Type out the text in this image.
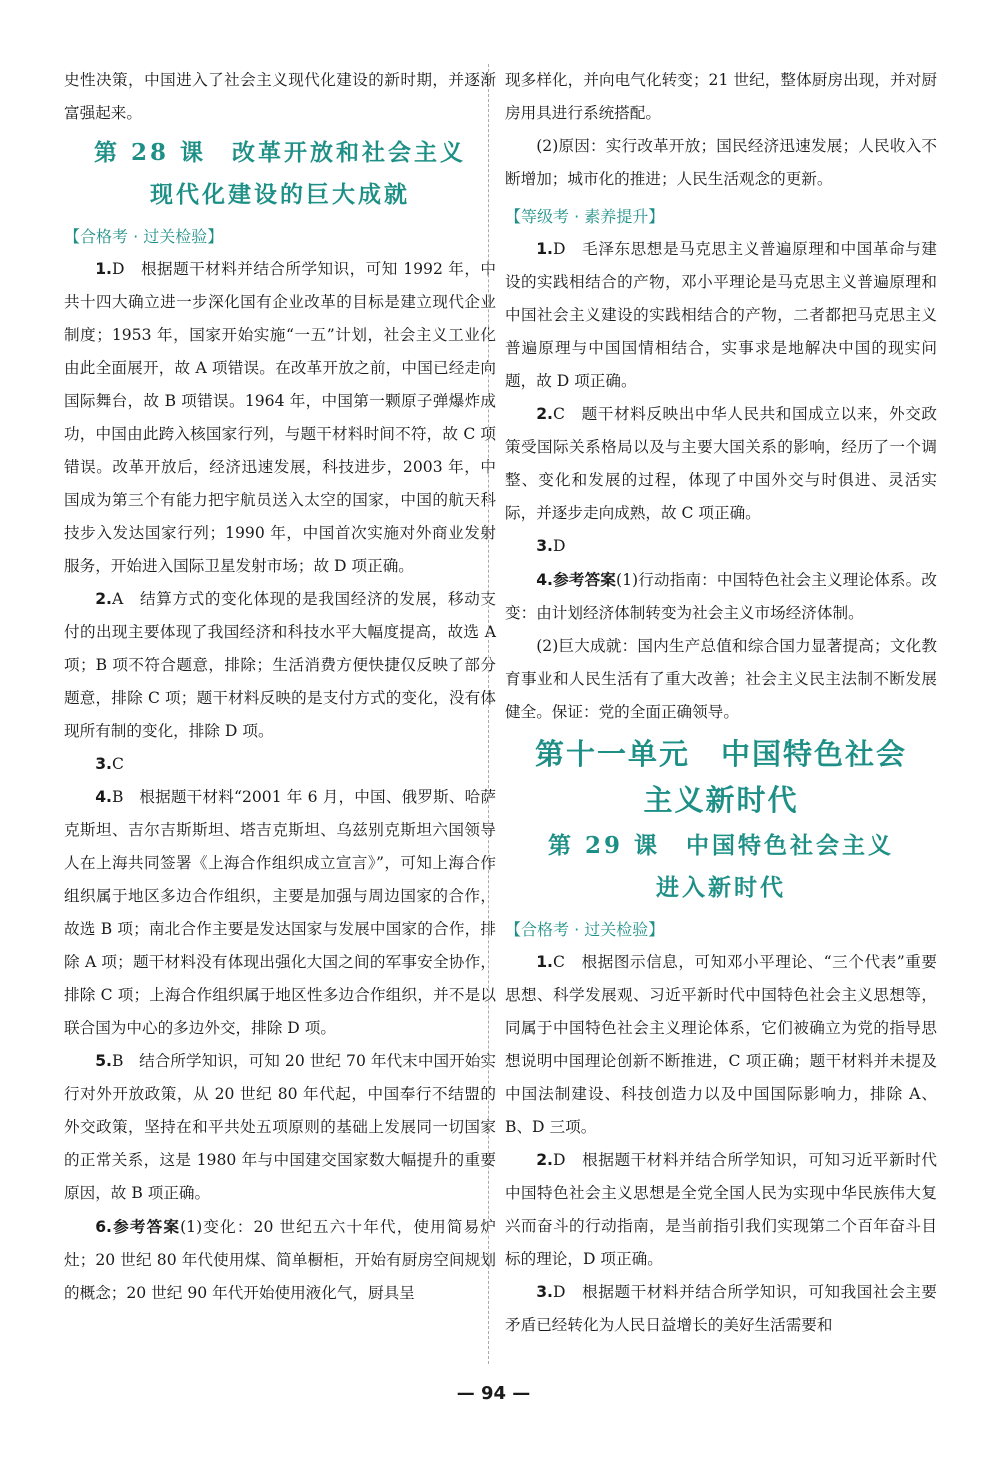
史性决策，中国进入了社会主义现代化建设的新时期，并逐渐富强起来。

第 28 课　改革开放和社会主义
现代化建设的巨大成就
【合格考 · 过关检验】

1.D　根据题干材料并结合所学知识，可知 1992 年，中共十四大确立进一步深化国有企业改革的目标是建立现代企业制度；1953 年，国家开始实施“一五”计划，社会主义工业化由此全面展开，故 A 项错误。在改革开放之前，中国已经走向国际舞台，故 B 项错误。1964 年，中国第一颗原子弹爆炸成功，中国由此跨入核国家行列，与题干材料时间不符，故 C 项错误。改革开放后，经济迅速发展，科技进步，2003 年，中国成为第三个有能力把宇航员送入太空的国家，中国的航天科技步入发达国家行列；1990 年，中国首次实施对外商业发射服务，开始进入国际卫星发射市场；故 D 项正确。

2.A　结算方式的变化体现的是我国经济的发展，移动支付的出现主要体现了我国经济和科技水平大幅度提高，故选 A 项；B 项不符合题意，排除；生活消费方便快捷仅反映了部分题意，排除 C 项；题干材料反映的是支付方式的变化，没有体现所有制的变化，排除 D 项。

3.C

4.B　根据题干材料“2001 年 6 月，中国、俄罗斯、哈萨克斯坦、吉尔吉斯斯坦、塔吉克斯坦、乌兹别克斯坦六国领导人在上海共同签署《上海合作组织成立宣言》”，可知上海合作组织属于地区多边合作组织，主要是加强与周边国家的合作，故选 B 项；南北合作主要是发达国家与发展中国家的合作，排除 A 项；题干材料没有体现出强化大国之间的军事安全协作，排除 C 项；上海合作组织属于地区性多边合作组织，并不是以联合国为中心的多边外交，排除 D 项。

5.B　结合所学知识，可知 20 世纪 70 年代末中国开始实行对外开放政策，从 20 世纪 80 年代起，中国奉行不结盟的外交政策，坚持在和平共处五项原则的基础上发展同一切国家的正常关系，这是 1980 年与中国建交国家数大幅提升的重要原因，故 B 项正确。

6.参考答案(1)变化：20 世纪五六十年代，使用简易炉灶；20 世纪 80 年代使用煤、简单橱柜，开始有厨房空间规划的概念；20 世纪 90 年代开始使用液化气，厨具呈

现多样化，并向电气化转变；21 世纪，整体厨房出现，并对厨房用具进行系统搭配。

(2)原因：实行改革开放；国民经济迅速发展；人民收入不断增加；城市化的推进；人民生活观念的更新。

【等级考 · 素养提升】

1.D　毛泽东思想是马克思主义普遍原理和中国革命与建设的实践相结合的产物，邓小平理论是马克思主义普遍原理和中国社会主义建设的实践相结合的产物，二者都把马克思主义普遍原理与中国国情相结合，实事求是地解决中国的现实问题，故 D 项正确。

2.C　题干材料反映出中华人民共和国成立以来，外交政策受国际关系格局以及与主要大国关系的影响，经历了一个调整、变化和发展的过程，体现了中国外交与时俱进、灵活实际，并逐步走向成熟，故 C 项正确。

3.D

4.参考答案(1)行动指南：中国特色社会主义理论体系。改变：由计划经济体制转变为社会主义市场经济体制。

(2)巨大成就：国内生产总值和综合国力显著提高；文化教育事业和人民生活有了重大改善；社会主义民主法制不断发展健全。保证：党的全面正确领导。

第十一单元　中国特色社会
主义新时代
第 29 课　中国特色社会主义
进入新时代
【合格考 · 过关检验】

1.C　根据图示信息，可知邓小平理论、“三个代表”重要思想、科学发展观、习近平新时代中国特色社会主义思想等，同属于中国特色社会主义理论体系，它们被确立为党的指导思想说明中国理论创新不断推进，C 项正确；题干材料并未提及中国法制建设、科技创造力以及中国国际影响力，排除 A、B、D 三项。

2.D　根据题干材料并结合所学知识，可知习近平新时代中国特色社会主义思想是全党全国人民为实现中华民族伟大复兴而奋斗的行动指南，是当前指引我们实现第二个百年奋斗目标的理论，D 项正确。

3.D　根据题干材料并结合所学知识，可知我国社会主要矛盾已经转化为人民日益增长的美好生活需要和

— 94 —
